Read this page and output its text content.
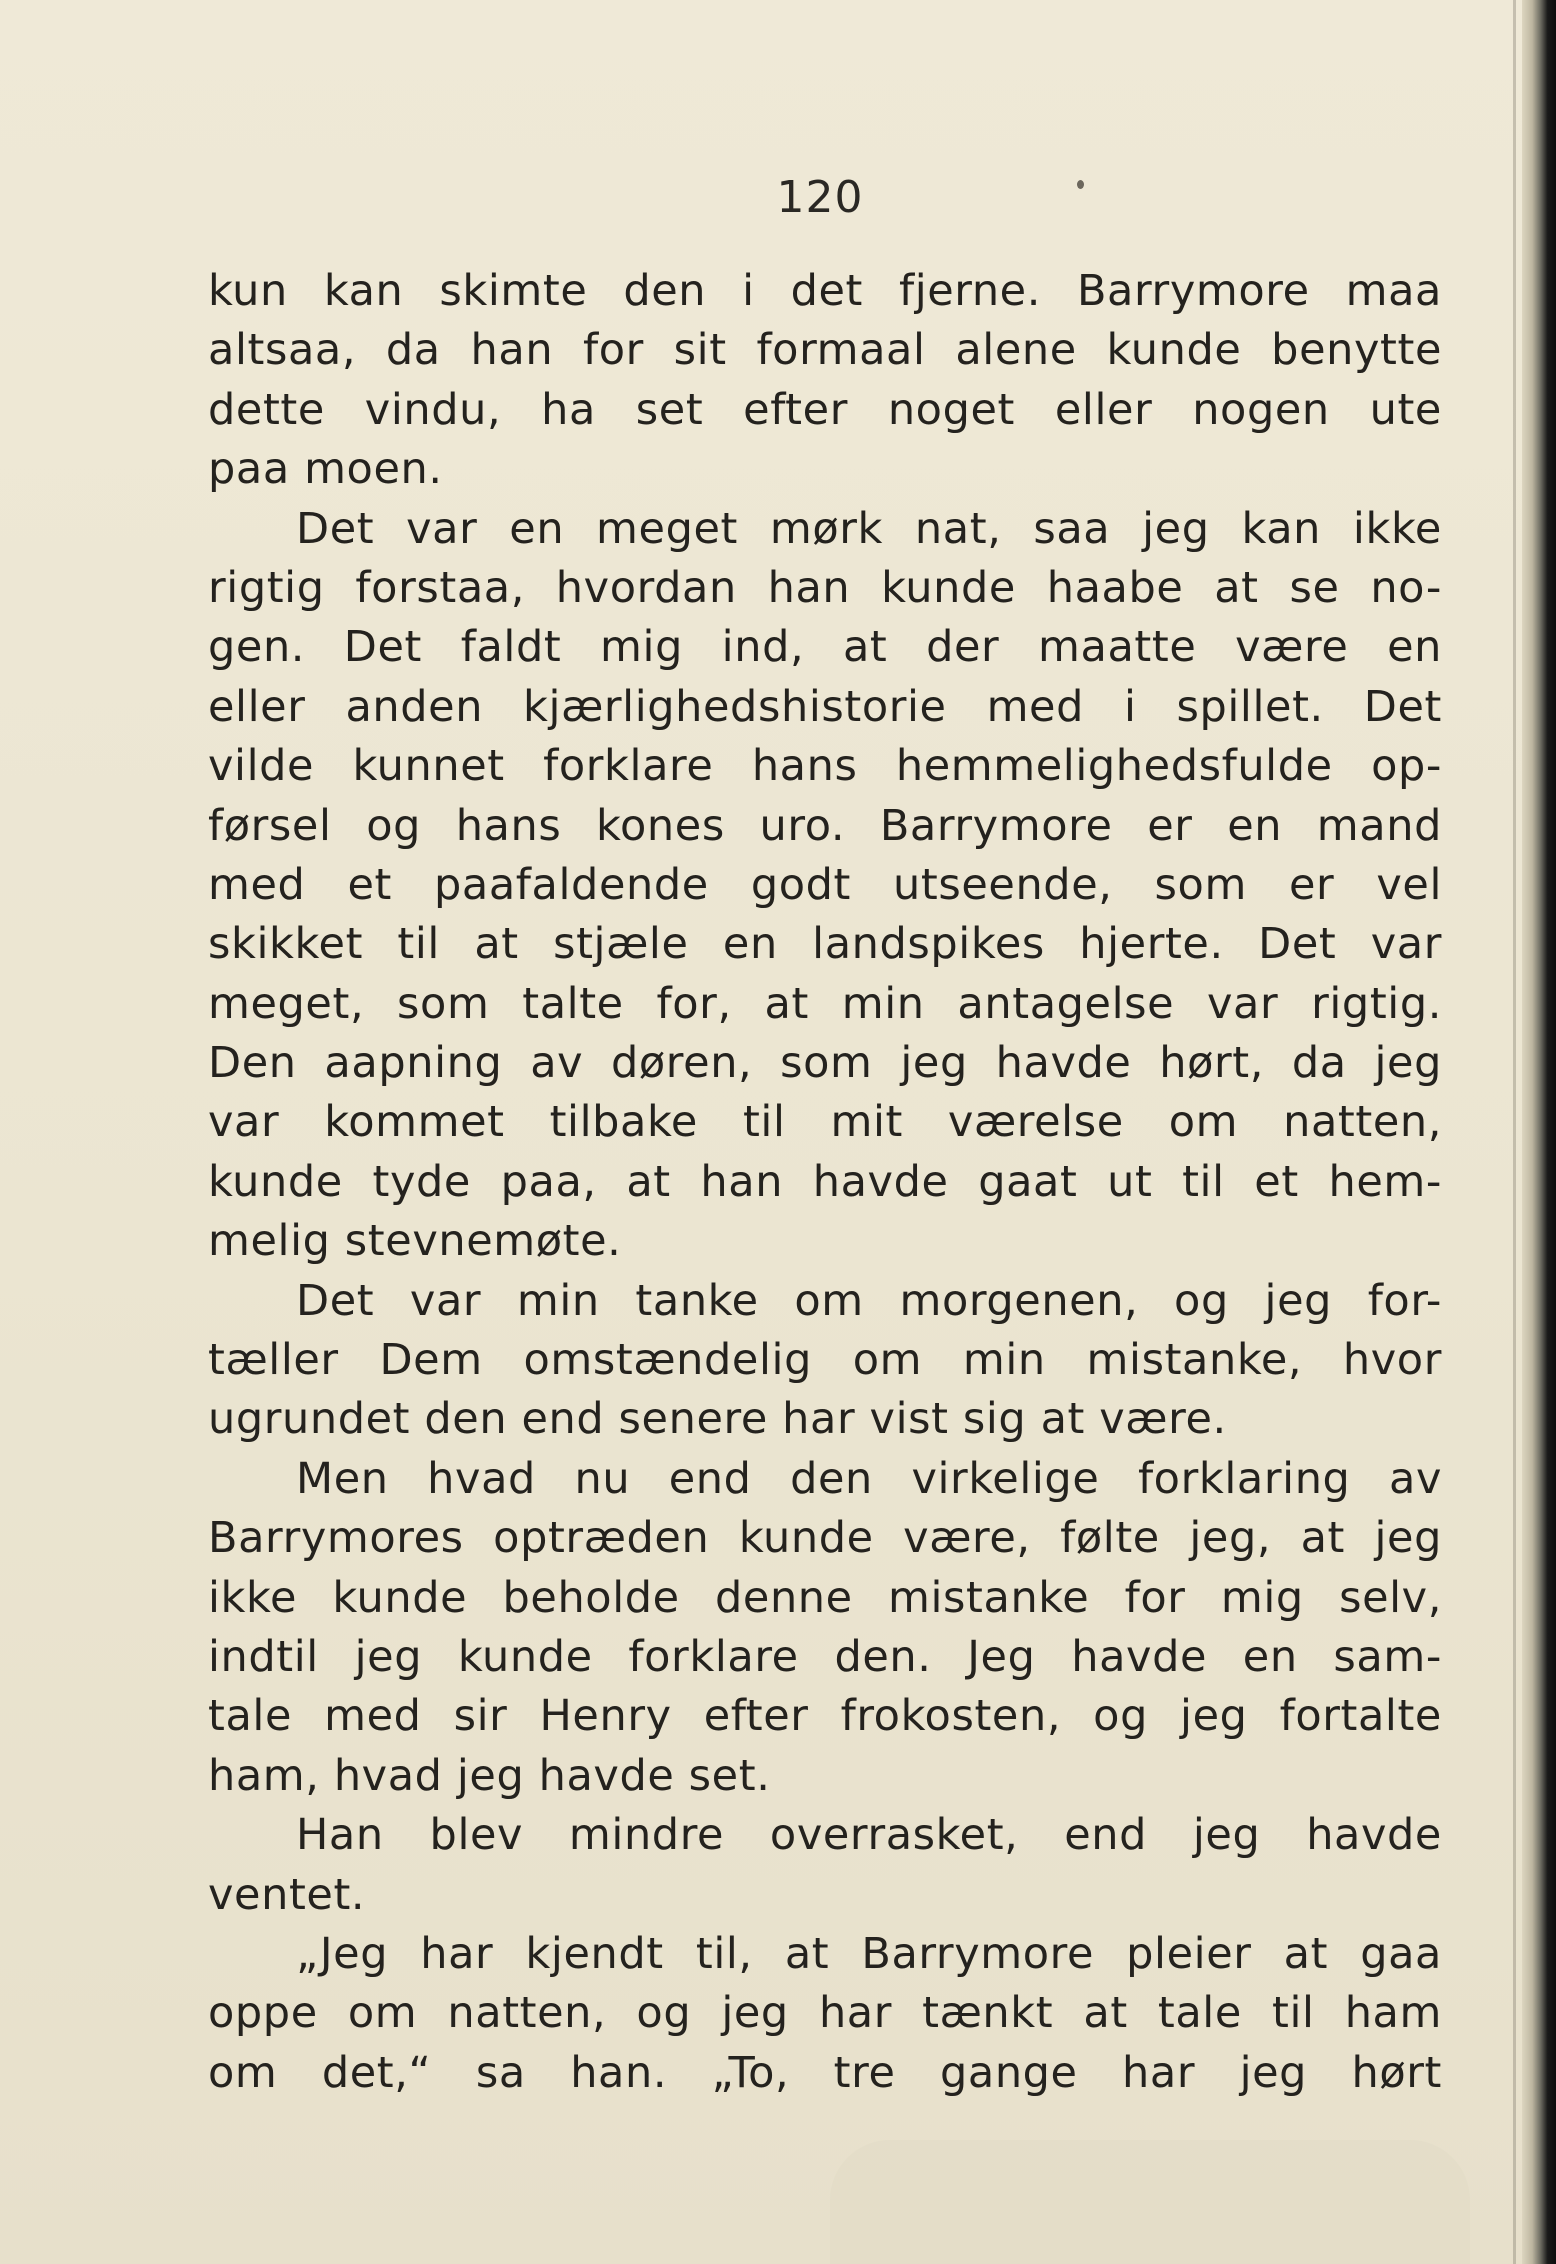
120
kun kan skimte den i det fjerne. Barrymore maa
altsaa, da han for sit formaal alene kunde benytte
dette vindu, ha set efter noget eller nogen ute
paa moen.
Det var en meget mørk nat, saa jeg kan ikke
rigtig forstaa, hvordan han kunde haabe at se no-
gen. Det faldt mig ind, at der maatte være en
eller anden kjærlighedshistorie med i spillet. Det
vilde kunnet forklare hans hemmelighedsfulde op-
førsel og hans kones uro. Barrymore er en mand
med et paafaldende godt utseende, som er vel
skikket til at stjæle en landspikes hjerte. Det var
meget, som talte for, at min antagelse var rigtig.
Den aapning av døren, som jeg havde hørt, da jeg
var kommet tilbake til mit værelse om natten,
kunde tyde paa, at han havde gaat ut til et hem-
melig stevnemøte.
Det var min tanke om morgenen, og jeg for-
tæller Dem omstændelig om min mistanke, hvor
ugrundet den end senere har vist sig at være.
Men hvad nu end den virkelige forklaring av
Barrymores optræden kunde være, følte jeg, at jeg
ikke kunde beholde denne mistanke for mig selv,
indtil jeg kunde forklare den. Jeg havde en sam-
tale med sir Henry efter frokosten, og jeg fortalte
ham, hvad jeg havde set.
Han blev mindre overrasket, end jeg havde
ventet.
„Jeg har kjendt til, at Barrymore pleier at gaa
oppe om natten, og jeg har tænkt at tale til ham
om det,“ sa han. „To, tre gange har jeg hørt
